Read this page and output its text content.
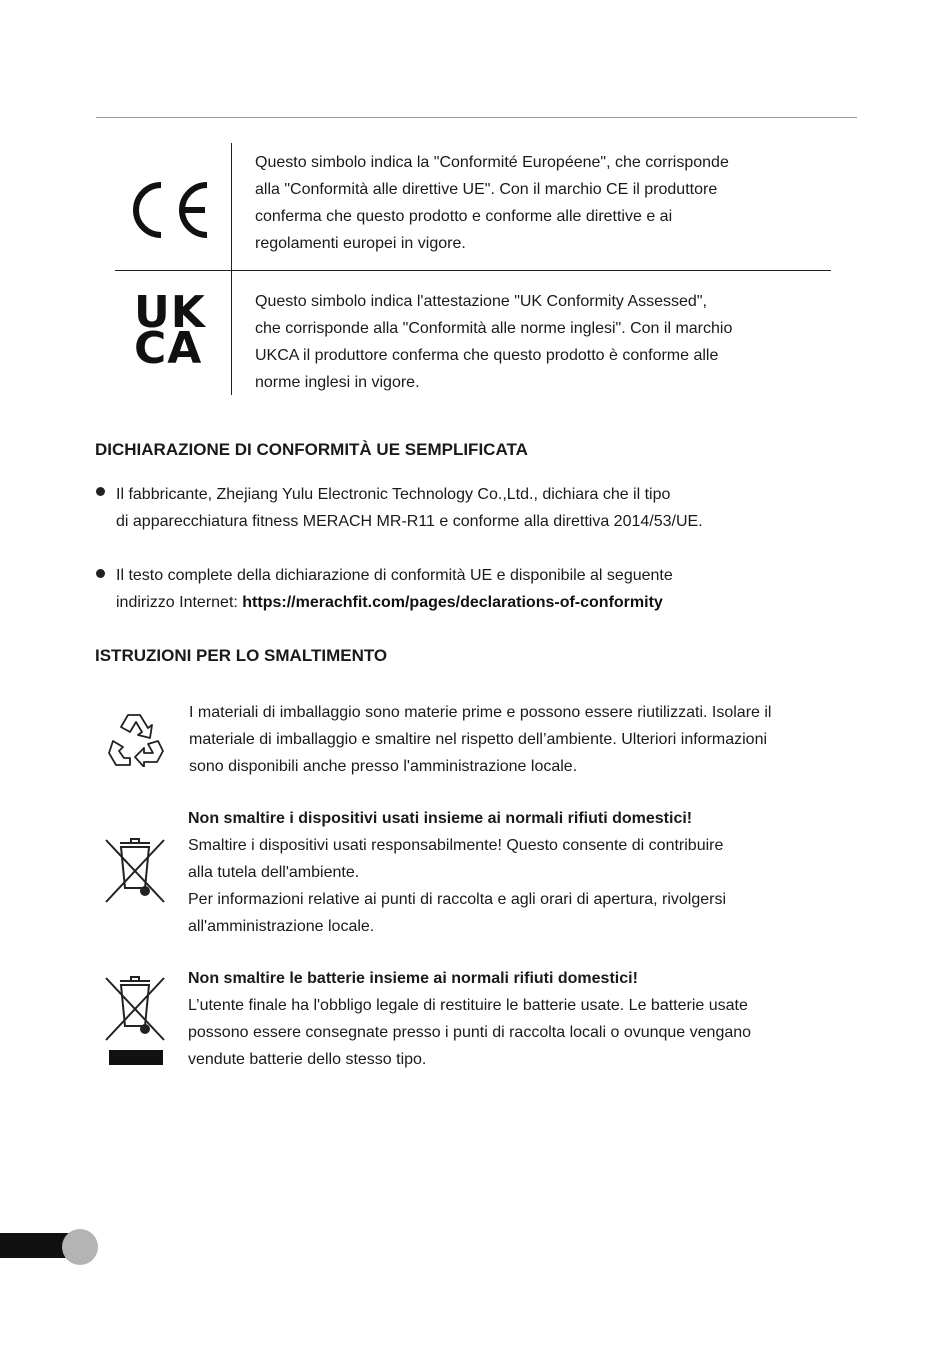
UK
CA
Questo simbolo indica la "Conformité Européene", che corrisponde
alla "Conformità alle direttive UE". Con il marchio CE il produttore
conferma che questo prodotto e conforme alle direttive e ai
regolamenti europei in vigore.
Questo simbolo indica l'attestazione "UK Conformity Assessed",
che corrisponde alla "Conformità alle norme inglesi". Con il marchio
UKCA il produttore conferma che questo prodotto è conforme alle
norme inglesi in vigore.
DICHIARAZIONE DI CONFORMITÀ UE SEMPLIFICATA
Il fabbricante, Zhejiang Yulu Electronic Technology Co.,Ltd., dichiara che il tipo
di apparecchiatura fitness MERACH MR-R11 e conforme alla direttiva 2014/53/UE.
Il testo complete della dichiarazione di conformità UE e disponibile al seguente
indirizzo Internet: https://merachfit.com/pages/declarations-of-conformity
ISTRUZIONI PER LO SMALTIMENTO
I materiali di imballaggio sono materie prime e possono essere riutilizzati. Isolare il
materiale di imballaggio e smaltire nel rispetto dell’ambiente. Ulteriori informazioni
sono disponibili anche presso l'amministrazione locale.
Non smaltire i dispositivi usati insieme ai normali rifiuti domestici!
Smaltire i dispositivi usati responsabilmente! Questo consente di contribuire
alla tutela dell'ambiente.
Per informazioni relative ai punti di raccolta e agli orari di apertura, rivolgersi
all'amministrazione locale.
Non smaltire le batterie insieme ai normali rifiuti domestici!
L’utente finale ha l'obbligo legale di restituire le batterie usate. Le batterie usate
possono essere consegnate presso i punti di raccolta locali o ovunque vengano
vendute batterie dello stesso tipo.
